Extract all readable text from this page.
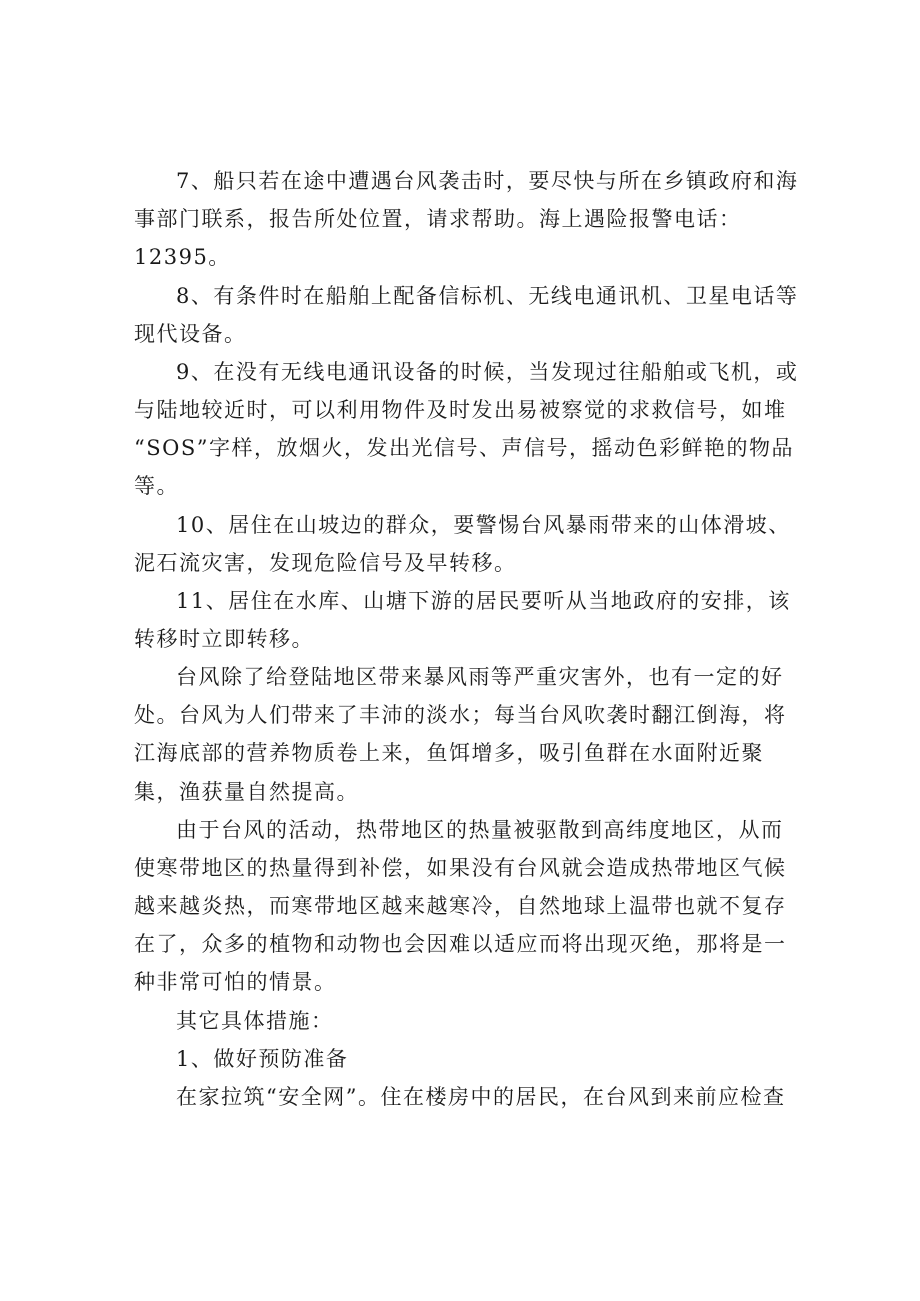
7、船只若在途中遭遇台风袭击时，要尽快与所在乡镇政府和海
事部门联系，报告所处位置，请求帮助。海上遇险报警电话：
12395。
8、有条件时在船舶上配备信标机、无线电通讯机、卫星电话等
现代设备。
9、在没有无线电通讯设备的时候，当发现过往船舶或飞机，或
与陆地较近时，可以利用物件及时发出易被察觉的求救信号，如堆
“SOS”字样，放烟火，发出光信号、声信号，摇动色彩鲜艳的物品
等。
10、居住在山坡边的群众，要警惕台风暴雨带来的山体滑坡、
泥石流灾害，发现危险信号及早转移。
11、居住在水库、山塘下游的居民要听从当地政府的安排，该
转移时立即转移。
台风除了给登陆地区带来暴风雨等严重灾害外，也有一定的好
处。台风为人们带来了丰沛的淡水；每当台风吹袭时翻江倒海，将
江海底部的营养物质卷上来，鱼饵增多，吸引鱼群在水面附近聚
集，渔获量自然提高。
由于台风的活动，热带地区的热量被驱散到高纬度地区，从而
使寒带地区的热量得到补偿，如果没有台风就会造成热带地区气候
越来越炎热，而寒带地区越来越寒冷，自然地球上温带也就不复存
在了，众多的植物和动物也会因难以适应而将出现灭绝，那将是一
种非常可怕的情景。
其它具体措施：
1、做好预防准备
在家拉筑“安全网”。住在楼房中的居民，在台风到来前应检查
